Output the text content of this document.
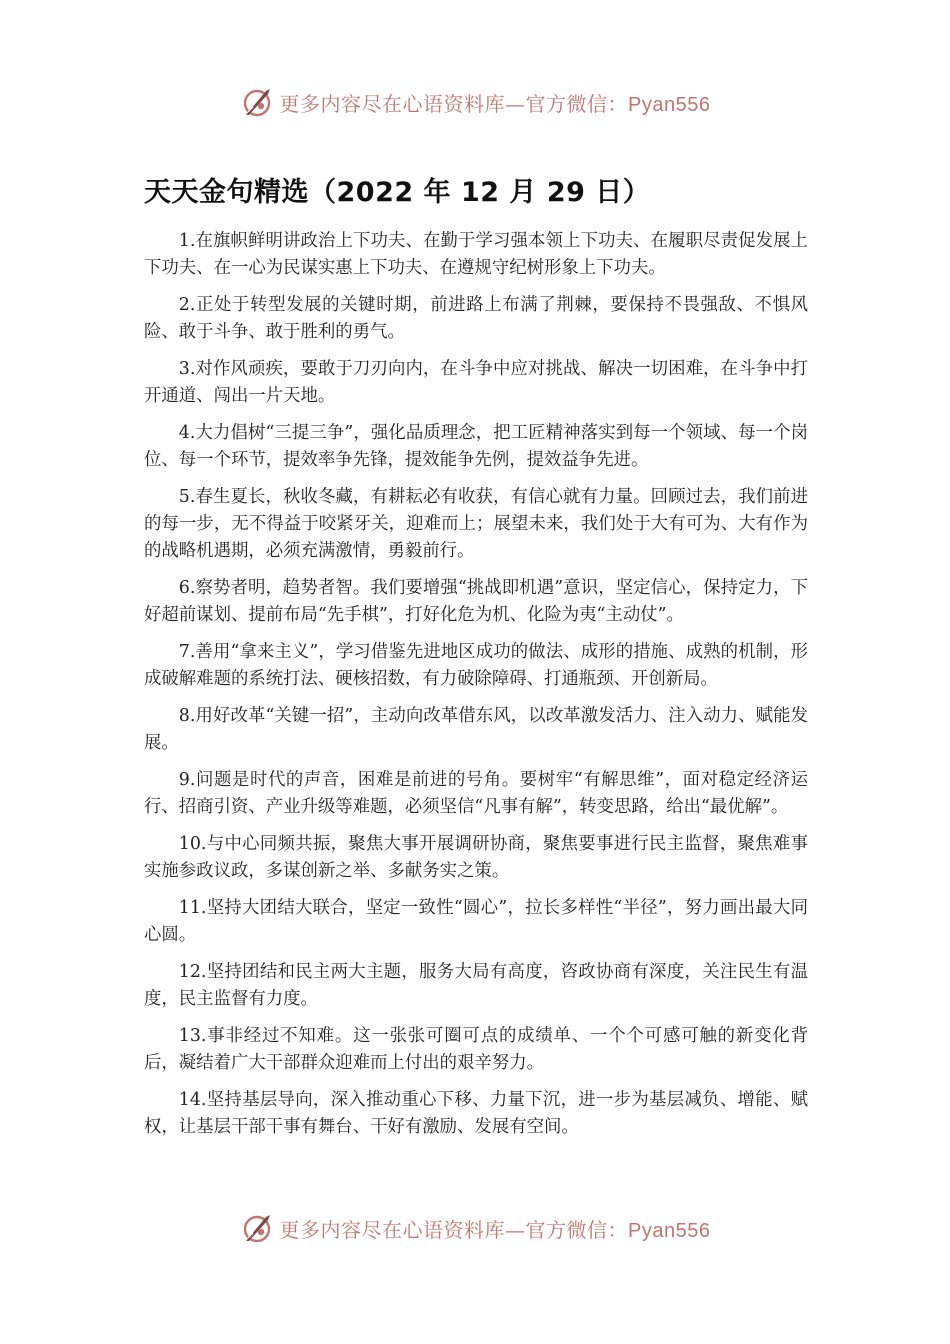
更多内容尽在心语资料库—官方微信：Pyan556
天天金句精选（2022 年 12 月 29 日）

1.在旗帜鲜明讲政治上下功夫、在勤于学习强本领上下功夫、在履职尽责促发展上下功夫、在一心为民谋实惠上下功夫、在遵规守纪树形象上下功夫。

2.正处于转型发展的关键时期，前进路上布满了荆棘，要保持不畏强敌、不惧风险、敢于斗争、敢于胜利的勇气。

3.对作风顽疾，要敢于刀刃向内，在斗争中应对挑战、解决一切困难，在斗争中打开通道、闯出一片天地。

4.大力倡树“三提三争”，强化品质理念，把工匠精神落实到每一个领域、每一个岗位、每一个环节，提效率争先锋，提效能争先例，提效益争先进。

5.春生夏长，秋收冬藏，有耕耘必有收获，有信心就有力量。回顾过去，我们前进的每一步，无不得益于咬紧牙关，迎难而上；展望未来，我们处于大有可为、大有作为的战略机遇期，必须充满激情，勇毅前行。

6.察势者明，趋势者智。我们要增强“挑战即机遇”意识，坚定信心，保持定力，下好超前谋划、提前布局“先手棋”，打好化危为机、化险为夷“主动仗”。

7.善用“拿来主义”，学习借鉴先进地区成功的做法、成形的措施、成熟的机制，形成破解难题的系统打法、硬核招数，有力破除障碍、打通瓶颈、开创新局。

8.用好改革“关键一招”，主动向改革借东风，以改革激发活力、注入动力、赋能发展。

9.问题是时代的声音，困难是前进的号角。要树牢“有解思维”，面对稳定经济运行、招商引资、产业升级等难题，必须坚信“凡事有解”，转变思路，给出“最优解”。

10.与中心同频共振，聚焦大事开展调研协商，聚焦要事进行民主监督，聚焦难事实施参政议政，多谋创新之举、多献务实之策。

11.坚持大团结大联合，坚定一致性“圆心”，拉长多样性“半径”，努力画出最大同心圆。

12.坚持团结和民主两大主题，服务大局有高度，咨政协商有深度，关注民生有温度，民主监督有力度。

13.事非经过不知难。这一张张可圈可点的成绩单、一个个可感可触的新变化背后，凝结着广大干部群众迎难而上付出的艰辛努力。

14.坚持基层导向，深入推动重心下移、力量下沉，进一步为基层减负、增能、赋权，让基层干部干事有舞台、干好有激励、发展有空间。

更多内容尽在心语资料库—官方微信：Pyan556
